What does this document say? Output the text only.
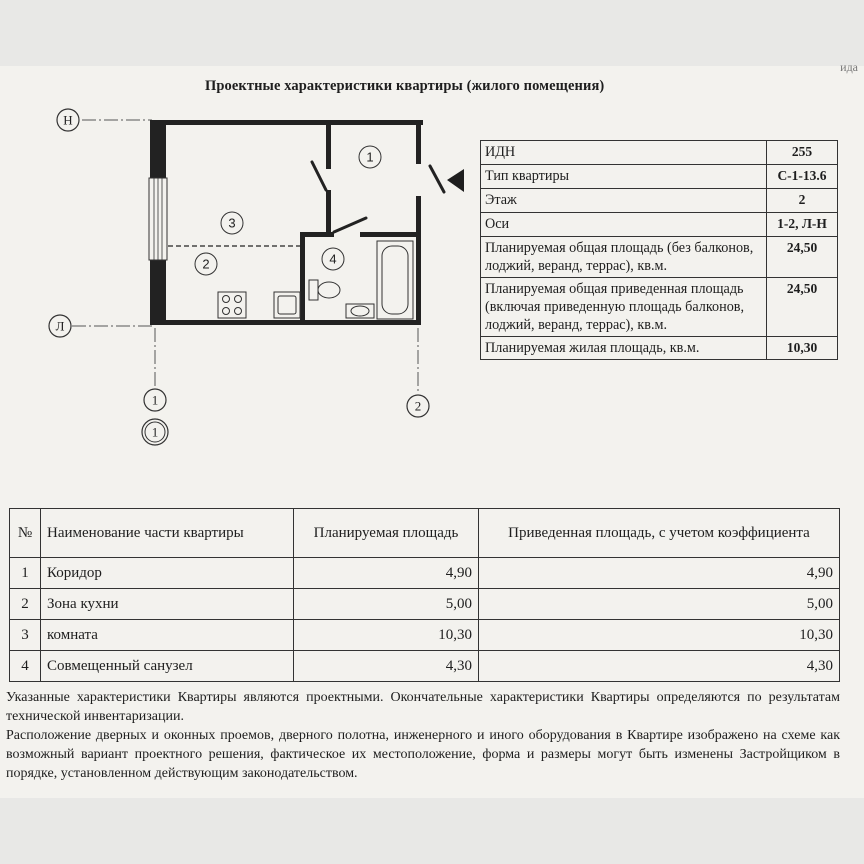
ида
Проектные характеристики квартиры (жилого помещения)
Н
Л
1
1
2
1
3
2	4
ИДН	255
Тип квартиры	С-1-13.6
Этаж	2
Оси	1-2, Л-Н
Планируемая общая площадь (без балконов, лоджий, веранд, террас), кв.м.	24,50
Планируемая общая приведенная площадь (включая приведенную площадь балконов, лоджий, веранд, террас), кв.м.	24,50
Планируемая жилая площадь, кв.м.	10,30
№	Наименование части квартиры	Планируемая площадь	Приведенная площадь, с учетом коэффициента
1	Коридор	4,90	4,90
2	Зона кухни	5,00	5,00
3	комната	10,30	10,30
4	Совмещенный санузел	4,30	4,30

Указанные характеристики Квартиры являются проектными. Окончательные характеристики Квартиры определяются по результатам технической инвентаризации.

Расположение дверных и оконных проемов, дверного полотна, инженерного и иного оборудования в Квартире изображено на схеме как возможный вариант проектного решения, фактическое их местоположение, форма и размеры могут быть изменены Застройщиком в порядке, установленном действующим законодательством.
